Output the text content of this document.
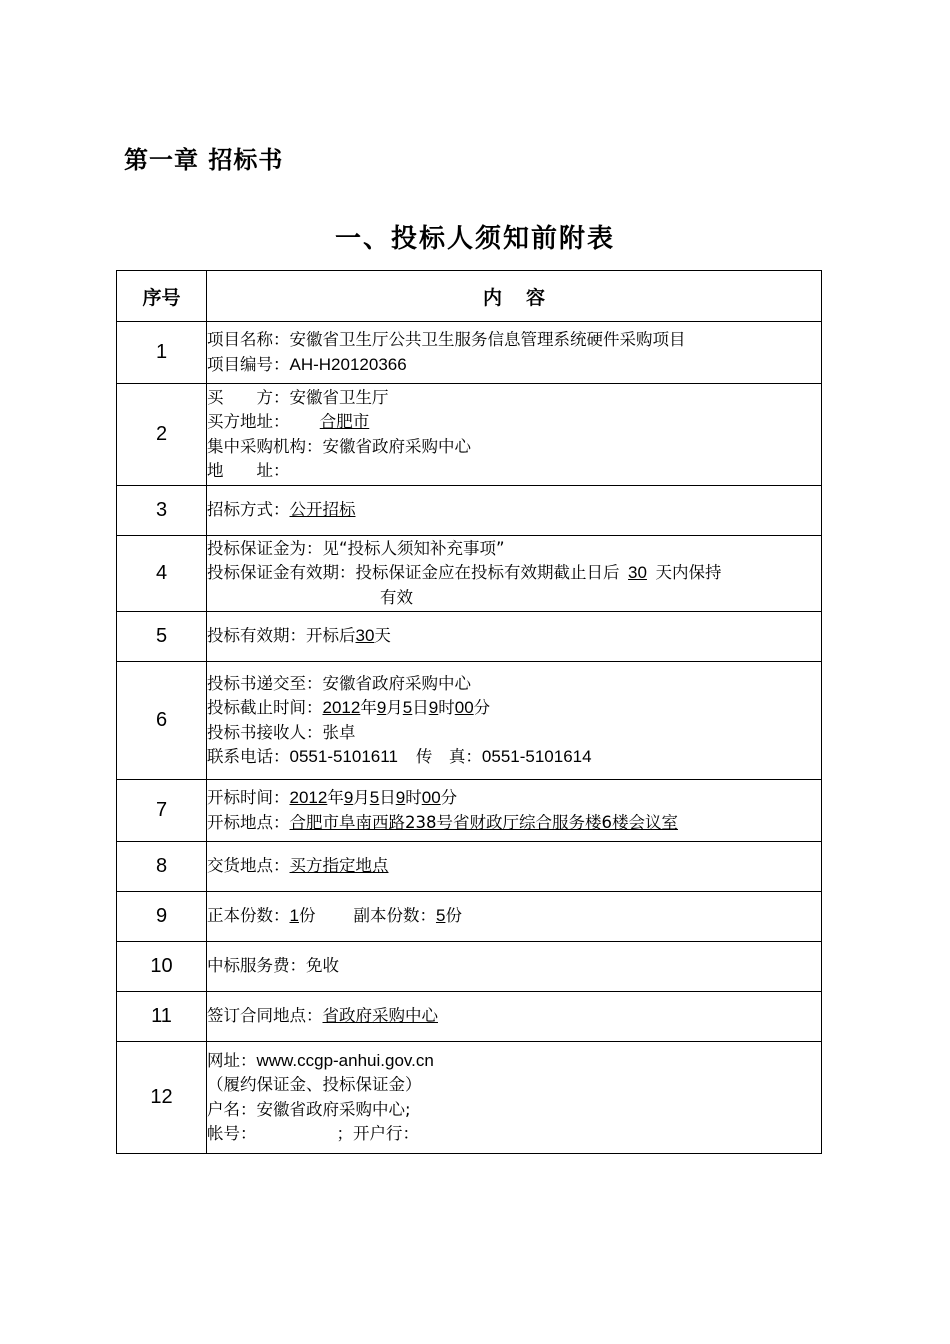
第一章 招标书
一、投标人须知前附表
序号	内容
1	项目名称：安徽省卫生厅公共卫生服务信息管理系统硬件采购项目
项目编号：AH-H20120366

2	买　　方：安徽省卫生厅
买方地址： 合肥市
集中采购机构：安徽省政府采购中心
地　　址：

3	招标方式：公开招标

4	投标保证金为：见“投标人须知补充事项”
投标保证金有效期：投标保证金应在投标有效期截止日后 30 天内保持
有效

5	投标有效期：开标后30天

6	投标书递交至：安徽省政府采购中心
投标截止时间：2012年9月5日9时00分
投标书接收人：张卓
联系电话：0551-5101611 传　真：0551-5101614

7	开标时间：2012年9月5日9时00分
开标地点：合肥市阜南西路238号省财政厅综合服务楼6楼会议室

8	交货地点：买方指定地点

9	正本份数：1份 副本份数：5份

10	中标服务费：免收

11	签订合同地点：省政府采购中心

12	网址：www.ccgp-anhui.gov.cn
（履约保证金、投标保证金）
户名：安徽省政府采购中心;
帐号： ；开户行：
